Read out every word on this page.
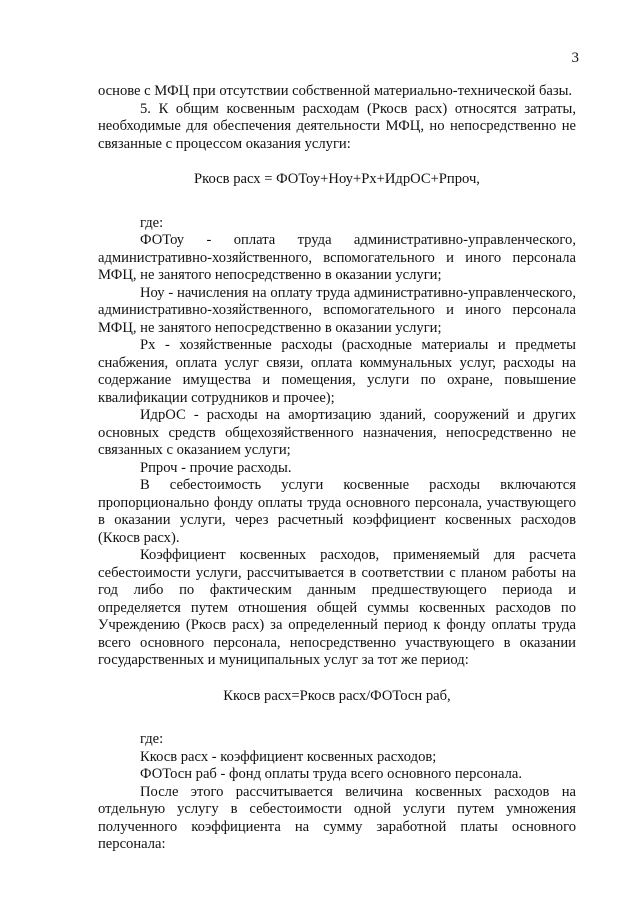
3

основе с МФЦ при отсутствии собственной материально-технической базы.

5. К общим косвенным расходам (Ркосв расх) относятся затраты, необходимые для обеспечения деятельности МФЦ, но непосредственно не связанные с процессом оказания услуги:

Ркосв расх = ФОТоу+Ноу+Рх+ИдрОС+Рпроч,

где:

ФОТоу - оплата труда административно-управленческого, административно-хозяйственного, вспомогательного и иного персонала МФЦ, не занятого непосредственно в оказании услуги;

Ноу - начисления на оплату труда административно-управленческого, административно-хозяйственного, вспомогательного и иного персонала МФЦ, не занятого непосредственно в оказании услуги;

Рх - хозяйственные расходы (расходные материалы и предметы снабжения, оплата услуг связи, оплата коммунальных услуг, расходы на содержание имущества и помещения, услуги по охране, повышение квалификации сотрудников и прочее);

ИдрОС - расходы на амортизацию зданий, сооружений и других основных средств общехозяйственного назначения, непосредственно не связанных с оказанием услуги;

Рпроч - прочие расходы.

В себестоимость услуги косвенные расходы включаются пропорционально фонду оплаты труда основного персонала, участвующего в оказании услуги, через расчетный коэффициент косвенных расходов (Ккосв расх).

Коэффициент косвенных расходов, применяемый для расчета себестоимости услуги, рассчитывается в соответствии с планом работы на год либо по фактическим данным предшествующего периода и определяется путем отношения общей суммы косвенных расходов по Учреждению (Ркосв расх) за определенный период к фонду оплаты труда всего основного персонала, непосредственно участвующего в оказании государственных и муниципальных услуг за тот же период:

Ккосв расх=Ркосв расх/ФОТосн раб,

где:

Ккосв расх - коэффициент косвенных расходов;

ФОТосн раб - фонд оплаты труда всего основного персонала.

После этого рассчитывается величина косвенных расходов на отдельную услугу в себестоимости одной услуги путем умножения полученного коэффициента на сумму заработной платы основного персонала:
